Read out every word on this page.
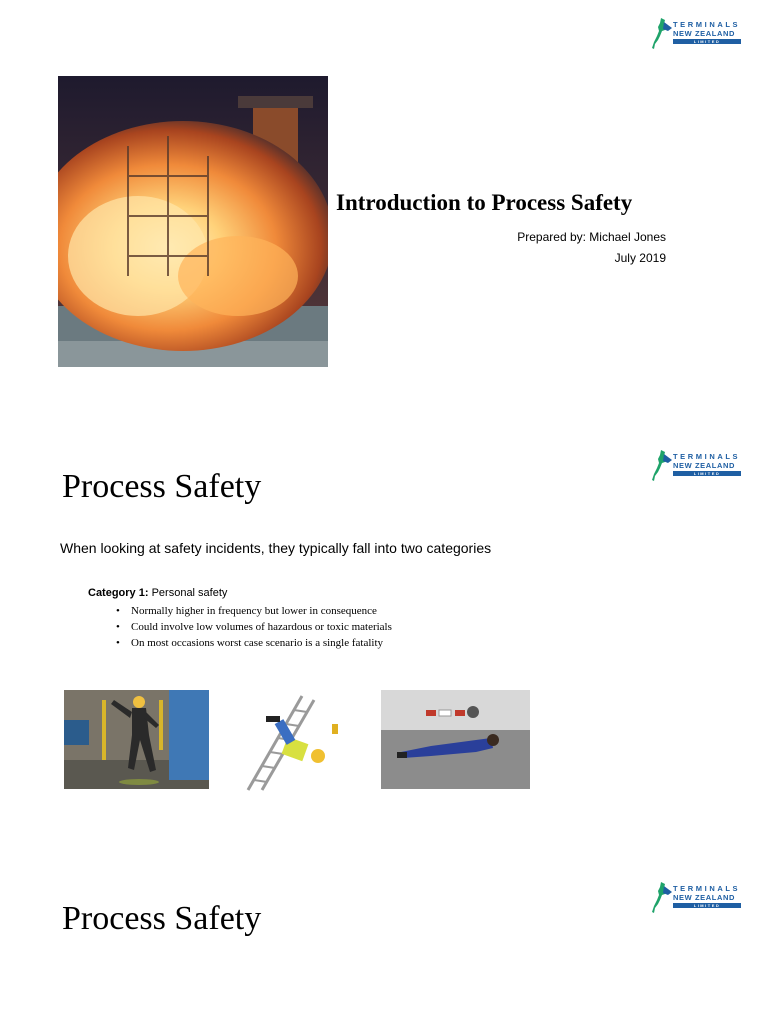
TERMINALS
NEW ZEALAND
LIMITED
Introduction to Process Safety
Prepared by: Michael Jones
July 2019
TERMINALS
NEW ZEALAND
LIMITED
Process Safety
When looking at safety incidents, they typically fall into two categories
Category 1: Personal safety
• Normally higher in frequency but lower in consequence
• Could involve low volumes of hazardous or toxic materials
• On most occasions worst case scenario is a single fatality
TERMINALS
NEW ZEALAND
LIMITED
Process Safety
